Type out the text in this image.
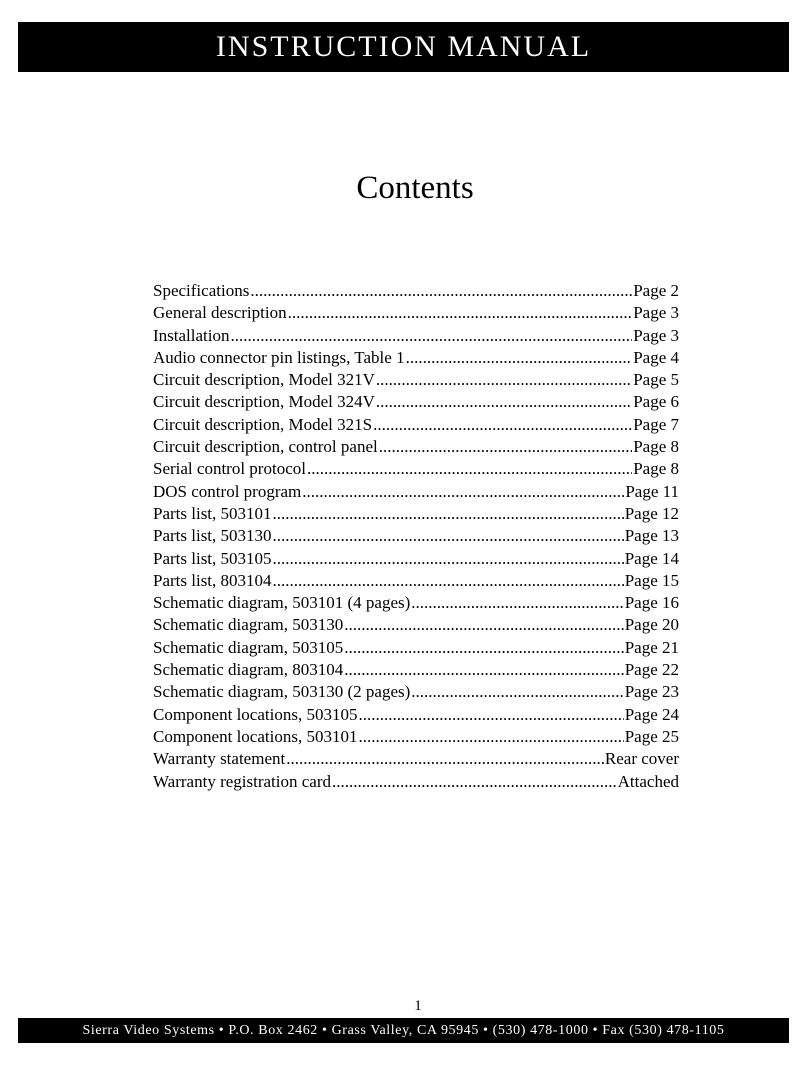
INSTRUCTION MANUAL
Contents
Specifications .....	Page 2
General description .....	Page 3
Installation .....	Page 3
Audio connector pin listings, Table 1 .....	Page 4
Circuit description, Model 321V .....	Page 5
Circuit description, Model 324V .....	Page 6
Circuit description, Model 321S .....	Page 7
Circuit description, control panel .....	Page 8
Serial control protocol .....	Page 8
DOS control program .....	Page 11
Parts list, 503101 .....	Page 12
Parts list, 503130 .....	Page 13
Parts list, 503105 .....	Page 14
Parts list, 803104 .....	Page 15
Schematic diagram, 503101 (4 pages) .....	Page 16
Schematic diagram, 503130 .....	Page 20
Schematic diagram, 503105 .....	Page 21
Schematic diagram, 803104 .....	Page 22
Schematic diagram, 503130 (2 pages) .....	Page 23
Component locations, 503105 .....	Page 24
Component locations, 503101 .....	Page 25
Warranty statement .....	Rear cover
Warranty registration card .....	Attached
1
Sierra Video Systems • P.O. Box 2462 • Grass Valley, CA 95945 • (530) 478-1000 • Fax (530) 478-1105
